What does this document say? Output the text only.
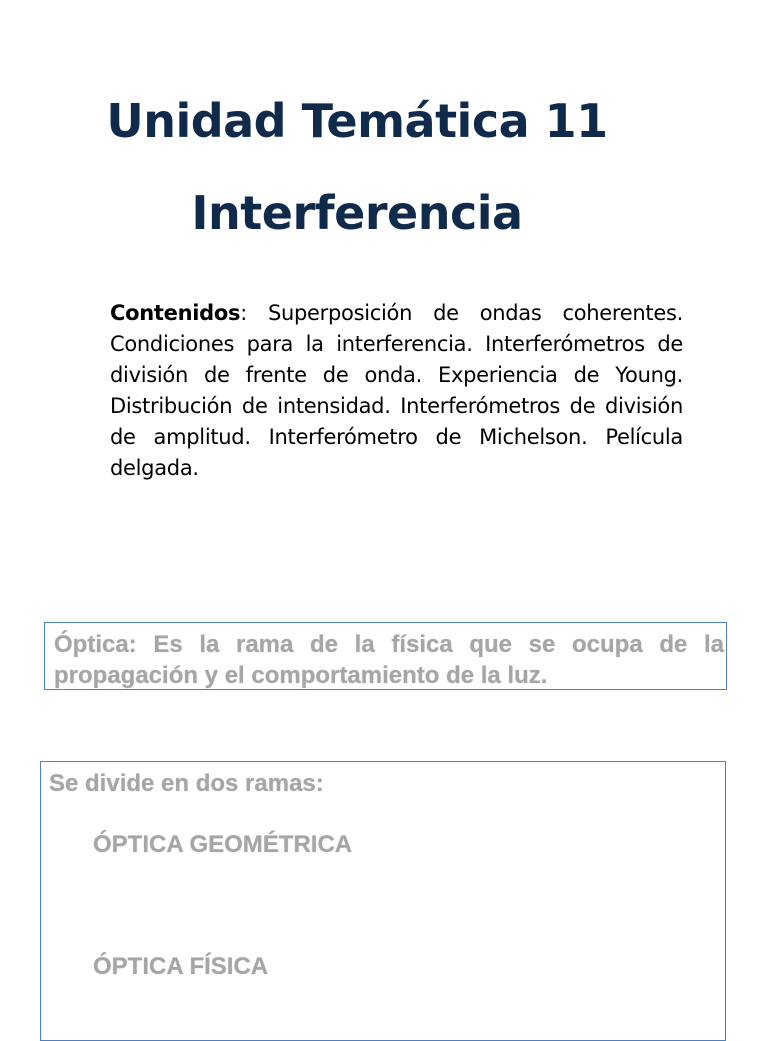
Unidad Temática 11
Interferencia
Contenidos: Superposición de ondas coherentes. Condiciones para la interferencia. Interferómetros de división de frente de onda. Experiencia de Young. Distribución de intensidad. Interferómetros de división de amplitud. Interferómetro de Michelson. Película delgada.
Óptica: Es la rama de la física que se ocupa de la propagación y el comportamiento de la luz.
Se divide en dos ramas:
ÓPTICA GEOMÉTRICA
ÓPTICA FÍSICA
